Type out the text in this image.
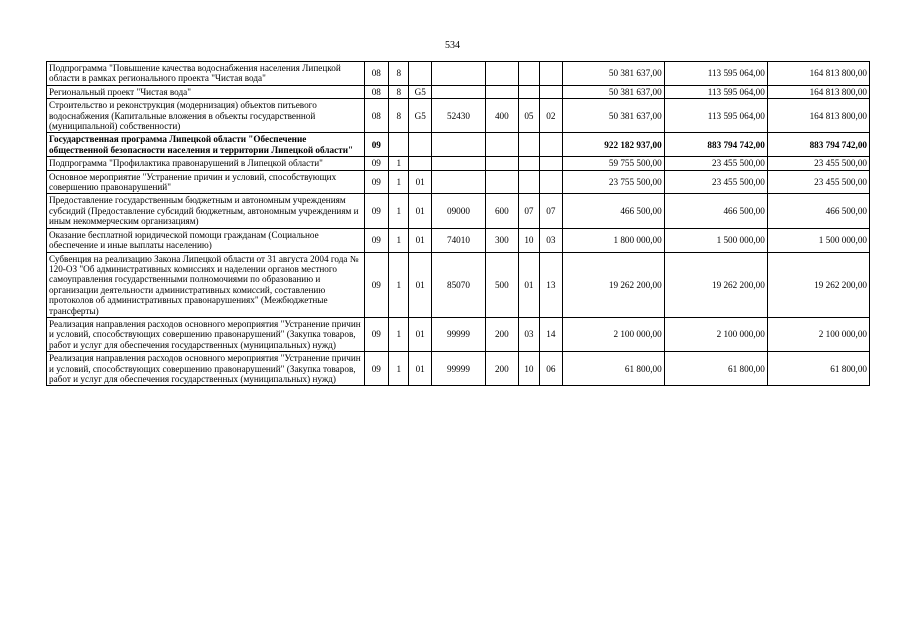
534
Подпрограмма "Повышение качества водоснабжения населения Липецкой области в рамках регионального проекта "Чистая вода"	08	8						50 381 637,00	113 595 064,00	164 813 800,00
Региональный проект "Чистая вода"	08	8	G5					50 381 637,00	113 595 064,00	164 813 800,00
Строительство и реконструкция (модернизация) объектов питьевого водоснабжения (Капитальные вложения в объекты государственной (муниципальной) собственности)	08	8	G5	52430	400	05	02	50 381 637,00	113 595 064,00	164 813 800,00
Государственная программа Липецкой области "Обеспечение общественной безопасности населения и территории Липецкой области"	09							922 182 937,00	883 794 742,00	883 794 742,00
Подпрограмма "Профилактика правонарушений в Липецкой области"	09	1						59 755 500,00	23 455 500,00	23 455 500,00
Основное мероприятие "Устранение причин и условий, способствующих совершению правонарушений"	09	1	01					23 755 500,00	23 455 500,00	23 455 500,00
Предоставление государственным бюджетным и автономным учреждениям субсидий (Предоставление субсидий бюджетным, автономным учреждениям и иным некоммерческим организациям)	09	1	01	09000	600	07	07	466 500,00	466 500,00	466 500,00
Оказание бесплатной юридической помощи гражданам (Социальное обеспечение и иные выплаты населению)	09	1	01	74010	300	10	03	1 800 000,00	1 500 000,00	1 500 000,00
Субвенция на реализацию Закона Липецкой области от 31 августа 2004 года № 120-ОЗ "Об административных комиссиях и наделении органов местного самоуправления государственными полномочиями по образованию и организации деятельности административных комиссий, составлению протоколов об административных правонарушениях" (Межбюджетные трансферты)	09	1	01	85070	500	01	13	19 262 200,00	19 262 200,00	19 262 200,00
Реализация направления расходов основного мероприятия "Устранение причин и условий, способствующих совершению правонарушений" (Закупка товаров, работ и услуг для обеспечения государственных (муниципальных) нужд)	09	1	01	99999	200	03	14	2 100 000,00	2 100 000,00	2 100 000,00
Реализация направления расходов основного мероприятия "Устранение причин и условий, способствующих совершению правонарушений" (Закупка товаров, работ и услуг для обеспечения государственных (муниципальных) нужд)	09	1	01	99999	200	10	06	61 800,00	61 800,00	61 800,00
